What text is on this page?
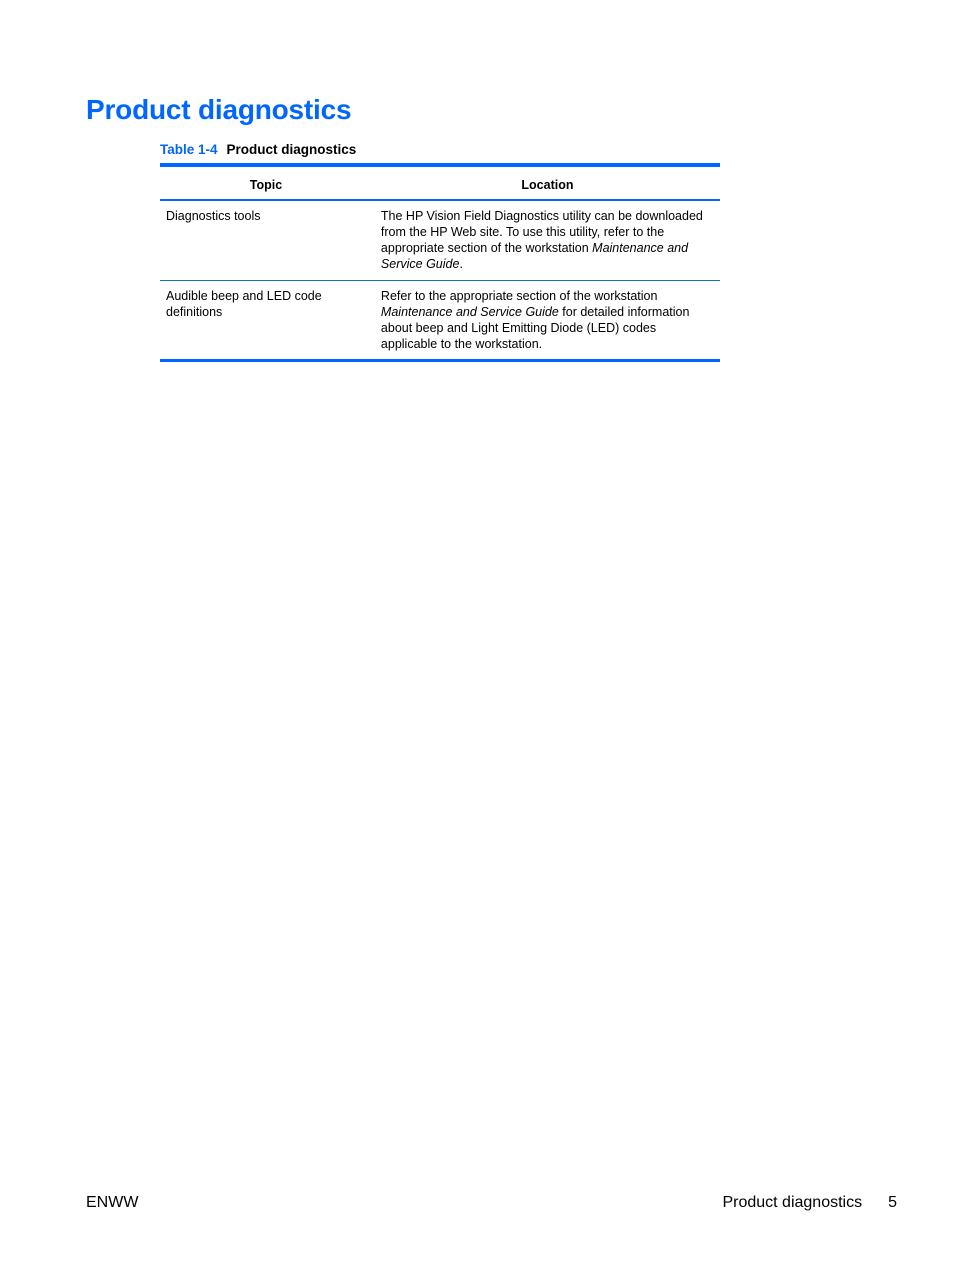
Product diagnostics
Table 1-4 Product diagnostics
Topic	Location
Diagnostics tools	The HP Vision Field Diagnostics utility can be downloaded from the HP Web site. To use this utility, refer to the appropriate section of the workstation Maintenance and Service Guide.
Audible beep and LED code definitions	Refer to the appropriate section of the workstation Maintenance and Service Guide for detailed information about beep and Light Emitting Diode (LED) codes applicable to the workstation.
ENWW	Product diagnostics 5
